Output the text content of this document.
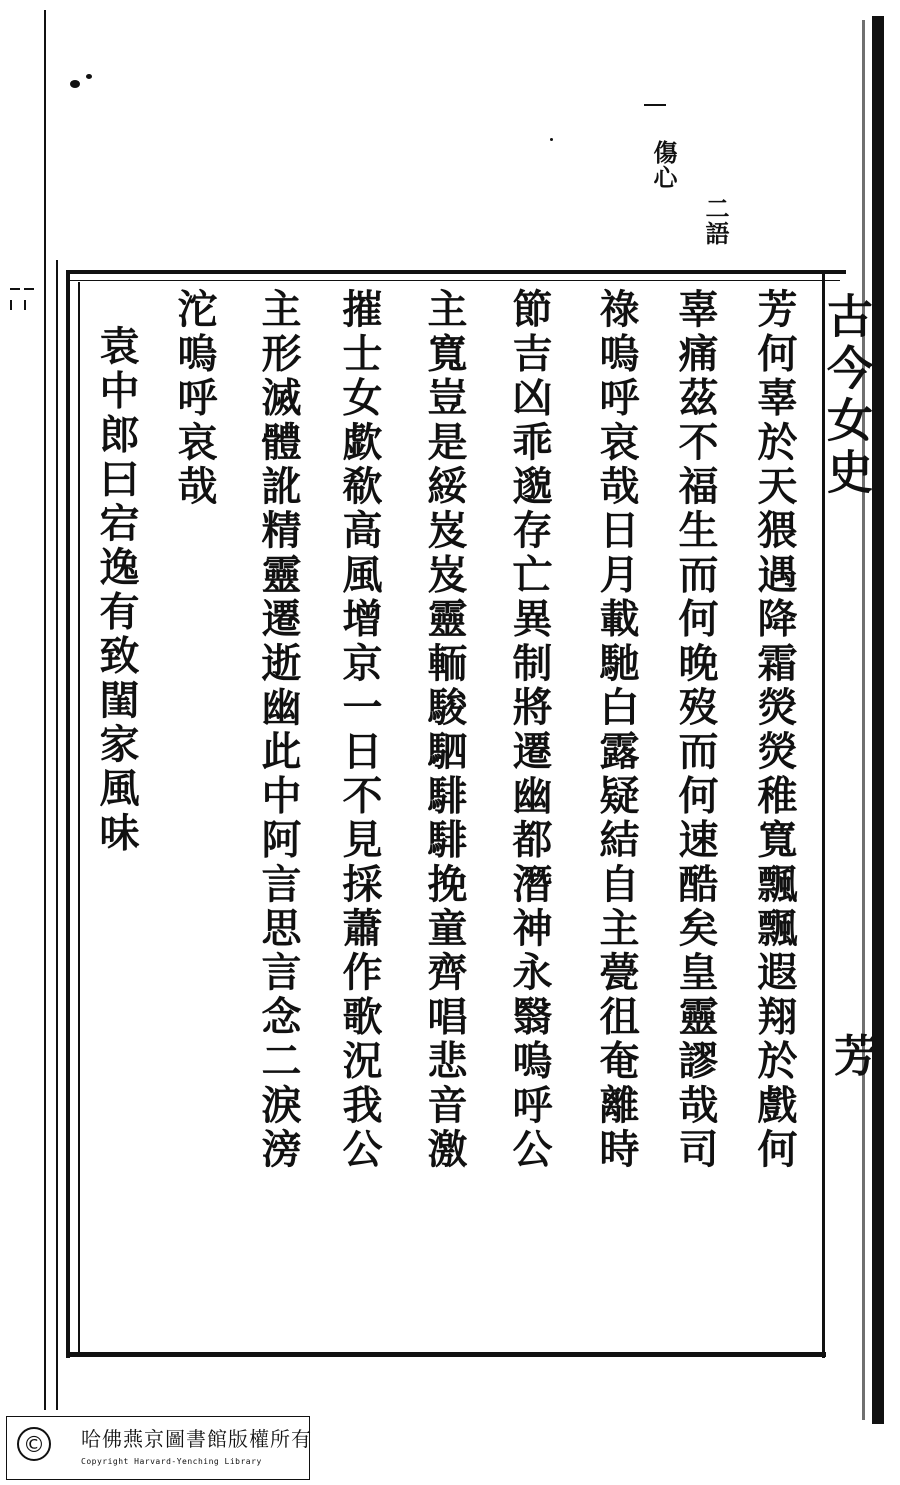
二語
傷心
古今女史
芳
芳何辜於天猥遇降霜熒熒稚寬飄飄遐翔於戲何
辜痛茲不福生而何晚歿而何速酷矣皇靈謬哉司
祿嗚呼哀哉日月載馳白露疑結自主甍徂奄離時
節吉凶乖邈存亡異制將遷幽都潛神永翳嗚呼公
主寬豈是綏岌岌靈輀駿駟騑騑挽童齊唱悲音激
摧士女歔欷高風增京一日不見採蕭作歌況我公
主形滅體訛精靈遷逝幽此中阿言思言念二淚滂
沱嗚呼哀哉
袁中郎曰宕逸有致閨家風味
©	哈佛燕京圖書館版權所有
Copyright Harvard-Yenching Library
